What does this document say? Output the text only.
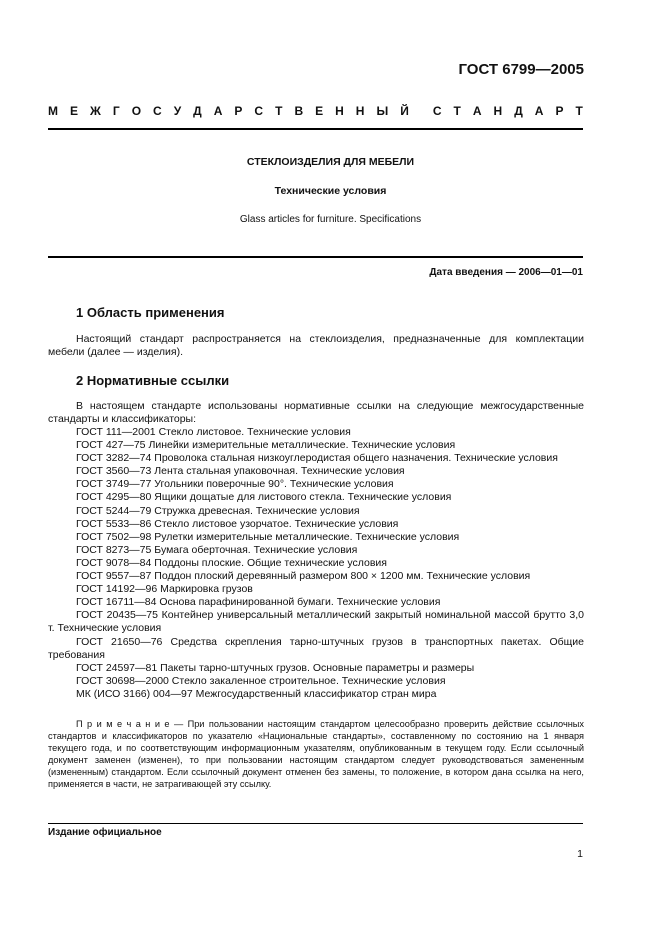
ГОСТ 6799—2005
М Е Ж Г О С У Д А Р С Т В Е Н Н Ы Й С Т А Н Д А Р Т
СТЕКЛОИЗДЕЛИЯ ДЛЯ МЕБЕЛИ
Технические условия
Glass articles for furniture. Specifications
Дата введения — 2006—01—01
1 Область применения
Настоящий стандарт распространяется на стеклоизделия, предназначенные для комплектации мебели (далее — изделия).
2 Нормативные ссылки
В настоящем стандарте использованы нормативные ссылки на следующие межгосударственные стандарты и классификаторы:
ГОСТ 111—2001 Стекло листовое. Технические условия
ГОСТ 427—75 Линейки измерительные металлические. Технические условия
ГОСТ 3282—74 Проволока стальная низкоуглеродистая общего назначения. Технические условия
ГОСТ 3560—73 Лента стальная упаковочная. Технические условия
ГОСТ 3749—77 Угольники поверочные 90°. Технические условия
ГОСТ 4295—80 Ящики дощатые для листового стекла. Технические условия
ГОСТ 5244—79 Стружка древесная. Технические условия
ГОСТ 5533—86 Стекло листовое узорчатое. Технические условия
ГОСТ 7502—98 Рулетки измерительные металлические. Технические условия
ГОСТ 8273—75 Бумага оберточная. Технические условия
ГОСТ 9078—84 Поддоны плоские. Общие технические условия
ГОСТ 9557—87 Поддон плоский деревянный размером 800 × 1200 мм. Технические условия
ГОСТ 14192—96 Маркировка грузов
ГОСТ 16711—84 Основа парафинированной бумаги. Технические условия
ГОСТ 20435—75 Контейнер универсальный металлический закрытый номинальной массой брутто 3,0 т. Технические условия
ГОСТ 21650—76 Средства скрепления тарно-штучных грузов в транспортных пакетах. Общие требования
ГОСТ 24597—81 Пакеты тарно-штучных грузов. Основные параметры и размеры
ГОСТ 30698—2000 Стекло закаленное строительное. Технические условия
МК (ИСО 3166) 004—97 Межгосударственный классификатор стран мира
П р и м е ч а н и е — При пользовании настоящим стандартом целесообразно проверить действие ссылочных стандартов и классификаторов по указателю «Национальные стандарты», составленному по состоянию на 1 января текущего года, и по соответствующим информационным указателям, опубликованным в текущем году. Если ссылочный документ заменен (изменен), то при пользовании настоящим стандартом следует руководствоваться замененным (измененным) стандартом. Если ссылочный документ отменен без замены, то положение, в котором дана ссылка на него, применяется в части, не затрагивающей эту ссылку.
Издание официальное
1
